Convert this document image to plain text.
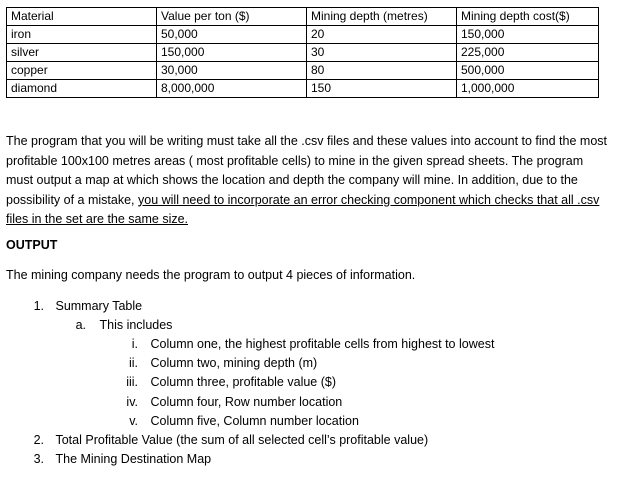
Material	Value per ton ($)	Mining depth (metres)	Mining depth cost($)
iron	50,000	20	150,000
silver	150,000	30	225,000
copper	30,000	80	500,000
diamond	8,000,000	150	1,000,000

The program that you will be writing must take all the .csv files and these values into account to find the most profitable 100x100 metres areas ( most profitable cells) to mine in the given spread sheets. The program must output a map at which shows the location and depth the company will mine. In addition, due to the possibility of a mistake, you will need to incorporate an error checking component which checks that all .csv files in the set are the same size.

OUTPUT

The mining company needs the program to output 4 pieces of information.

1. Summary Table
a. This includes
i. Column one, the highest profitable cells from highest to lowest
ii. Column two, mining depth (m)
iii. Column three, profitable value ($)
iv. Column four, Row number location
v. Column five, Column number location
2. Total Profitable Value (the sum of all selected cell’s profitable value)
3. The Mining Destination Map
